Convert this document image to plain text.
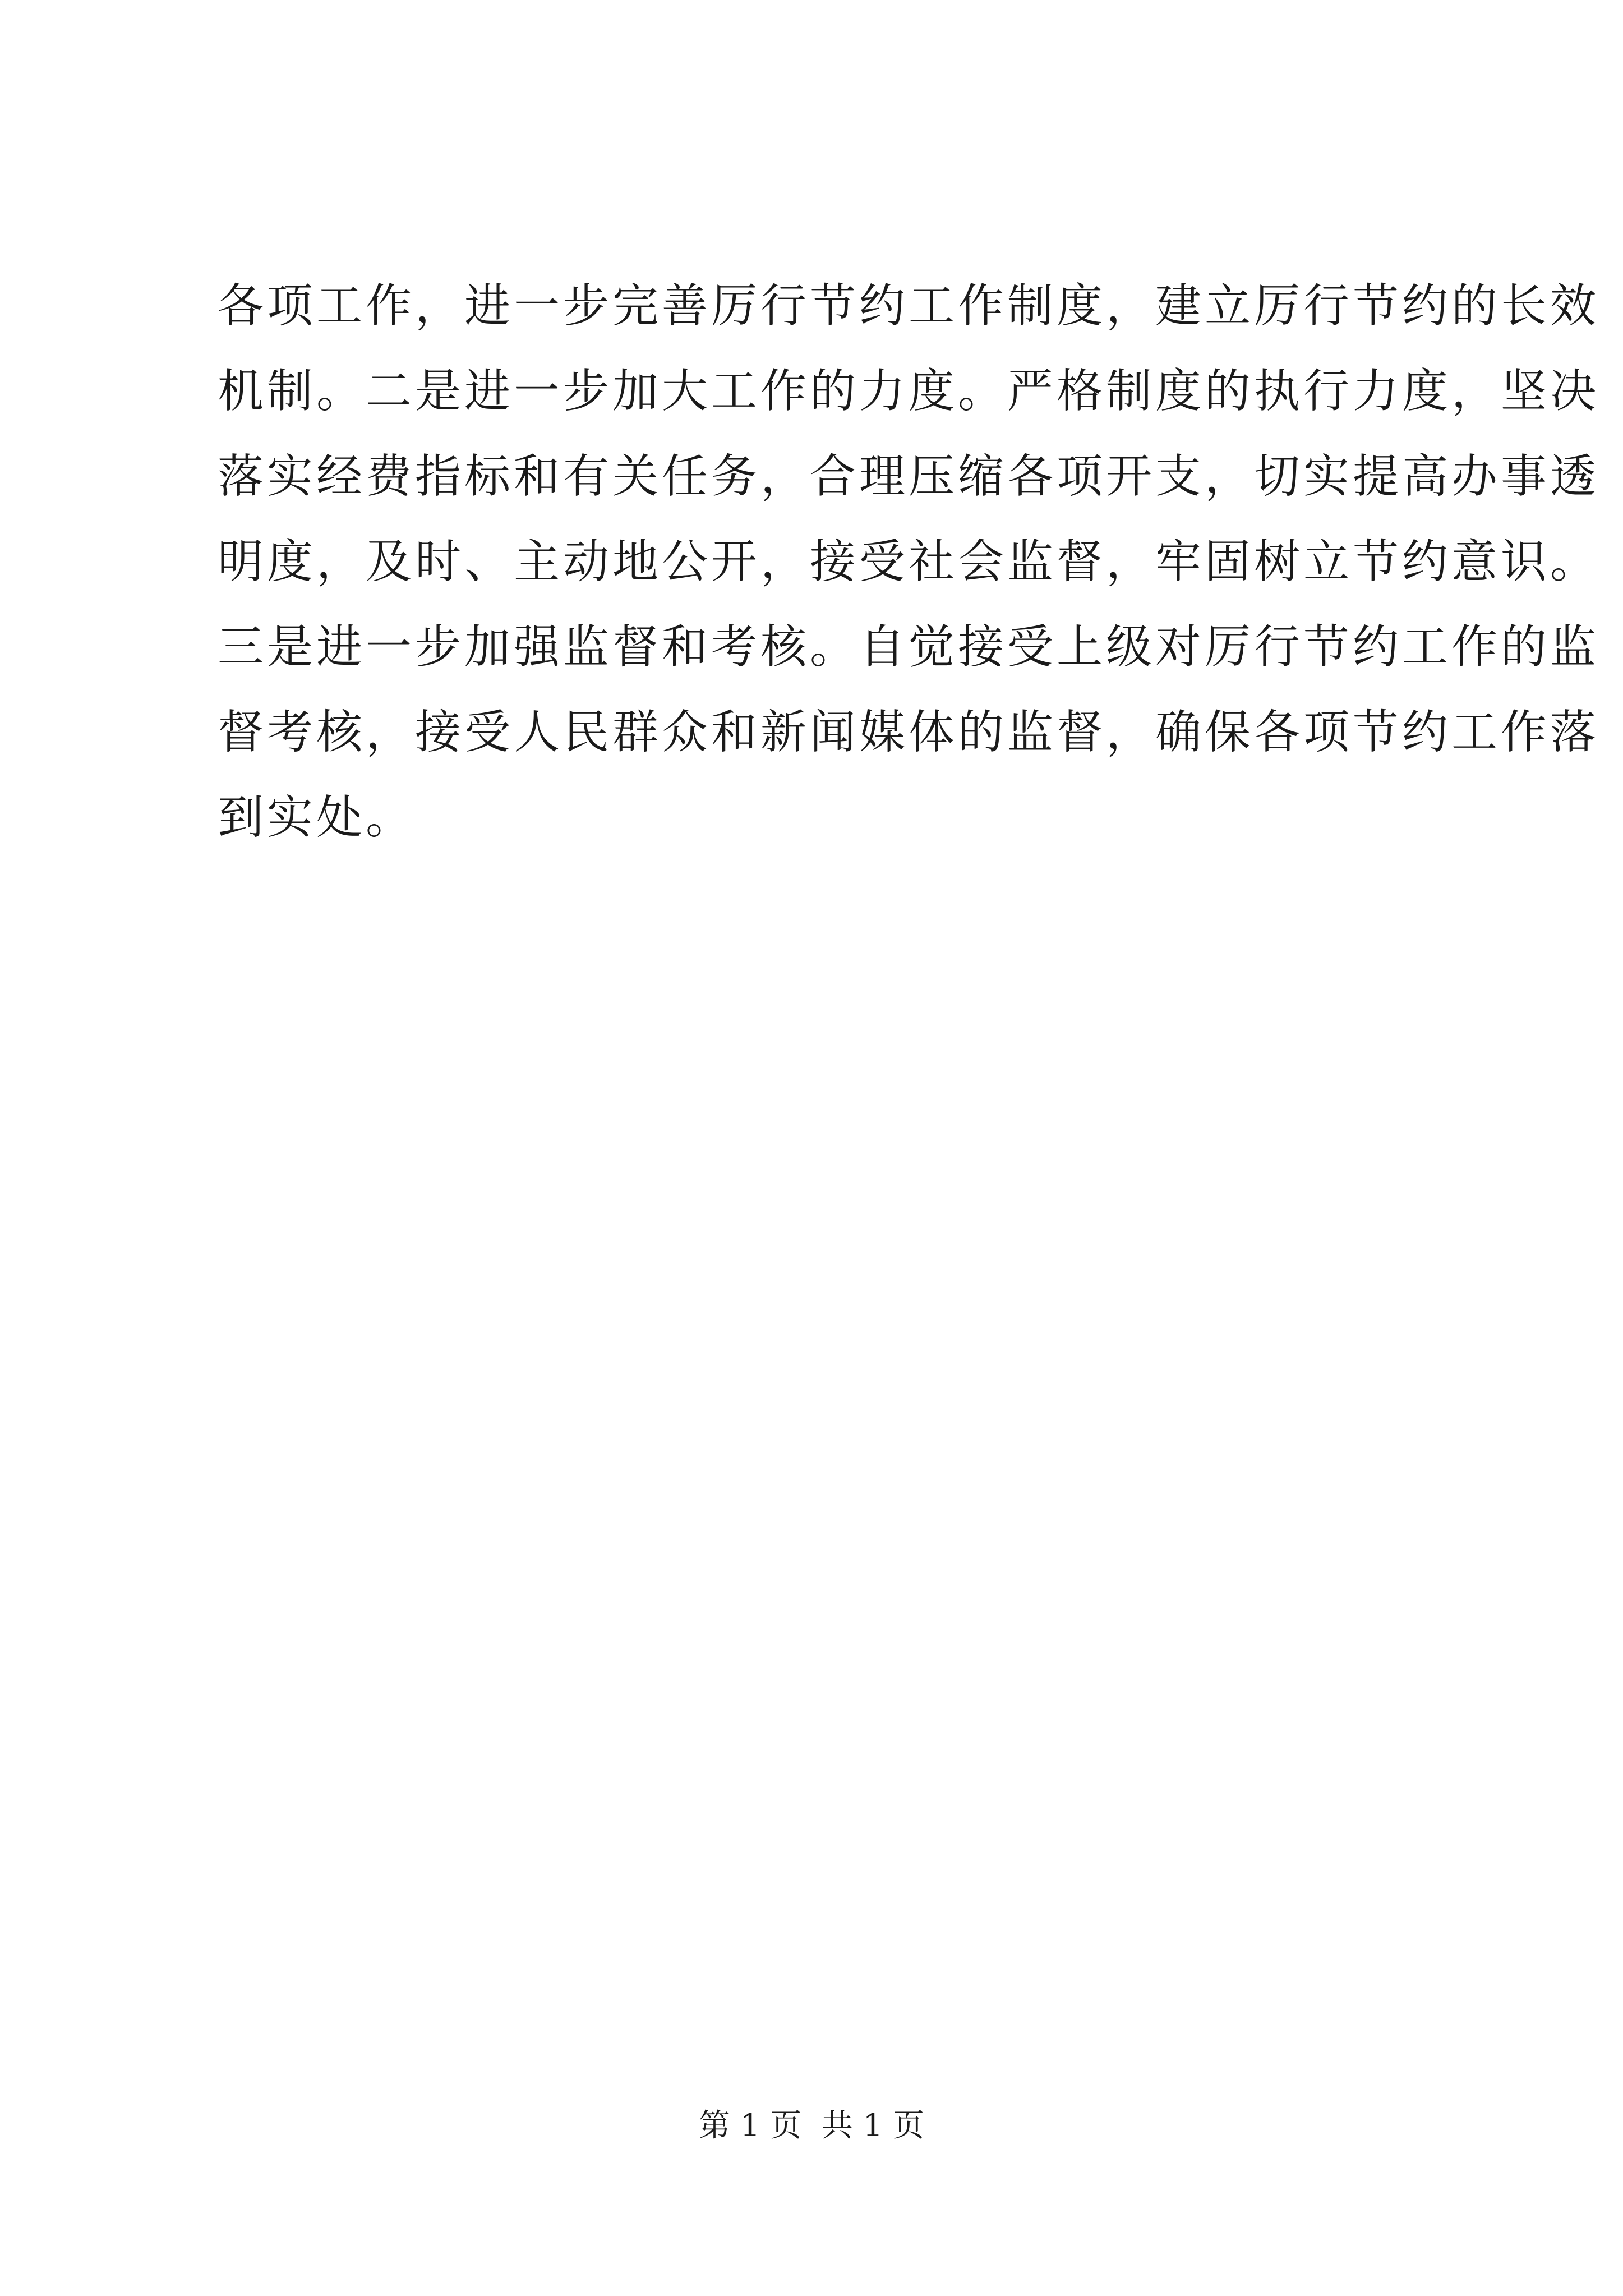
各项工作，进一步完善厉行节约工作制度，建立厉行节约的长效
机制。二是进一步加大工作的力度。严格制度的执行力度，坚决
落实经费指标和有关任务，合理压缩各项开支，切实提高办事透
明度，及时、主动地公开，接受社会监督，牢固树立节约意识。
三是进一步加强监督和考核。自觉接受上级对厉行节约工作的监
督考核，接受人民群众和新闻媒体的监督，确保各项节约工作落
到实处。
第 1 页  共 1 页
